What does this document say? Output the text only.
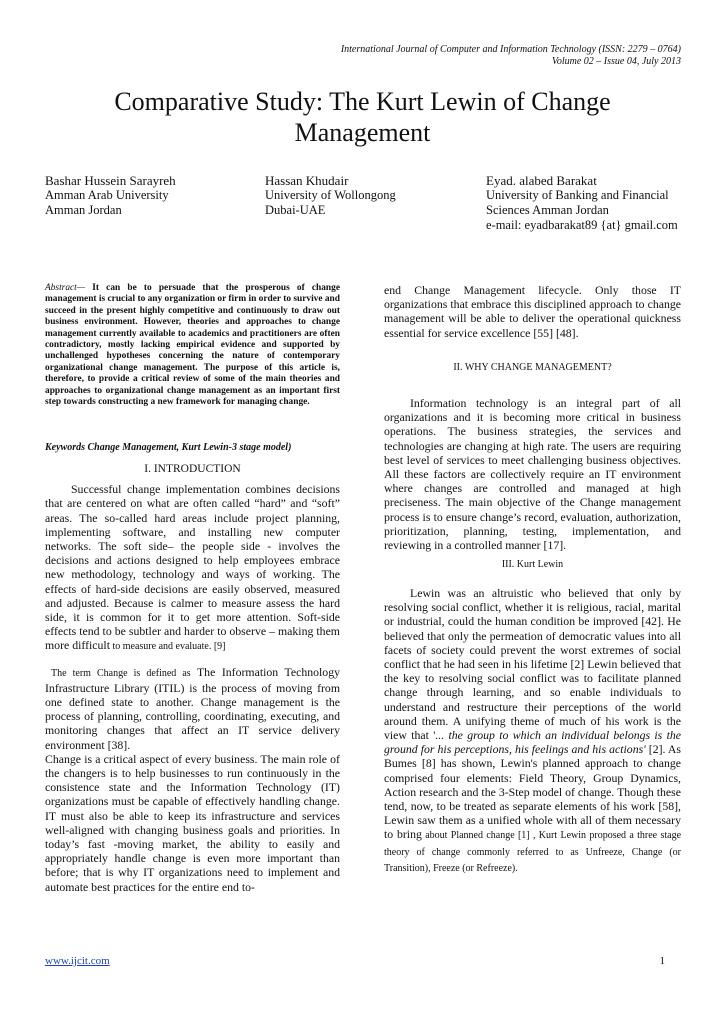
International Journal of Computer and Information Technology (ISSN: 2279 – 0764)
Volume 02 – Issue 04, July 2013
Comparative Study: The Kurt Lewin of Change Management
Bashar Hussein Sarayreh
Amman Arab University
Amman Jordan
Hassan Khudair
University of Wollongong
Dubai-UAE
Eyad. alabed Barakat
University of Banking and Financial
Sciences Amman Jordan
e-mail: eyadbarakat89 {at} gmail.com
Abstract— It can be to persuade that the prosperous of change management is crucial to any organization or firm in order to survive and succeed in the present highly competitive and continuously to draw out business environment. However, theories and approaches to change management currently available to academics and practitioners are often contradictory, mostly lacking empirical evidence and supported by unchallenged hypotheses concerning the nature of contemporary organizational change management. The purpose of this article is, therefore, to provide a critical review of some of the main theories and approaches to organizational change management as an important first step towards constructing a new framework for managing change.
Keywords Change Management, Kurt Lewin-3 stage model)
I. INTRODUCTION

Successful change implementation combines decisions that are centered on what are often called “hard” and “soft” areas. The so-called hard areas include project planning, implementing software, and installing new computer networks. The soft side– the people side - involves the decisions and actions designed to help employees embrace new methodology, technology and ways of working. The effects of hard-side decisions are easily observed, measured and adjusted. Because is calmer to measure assess the hard side, it is common for it to get more attention. Soft-side effects tend to be subtler and harder to observe – making them more difficult to measure and evaluate. [9]

The term Change is defined as The Information Technology Infrastructure Library (ITIL) is the process of moving from one defined state to another. Change management is the process of planning, controlling, coordinating, executing, and monitoring changes that affect an IT service delivery environment [38].

Change is a critical aspect of every business. The main role of the changers is to help businesses to run continuously in the consistence state and the Information Technology (IT) organizations must be capable of effectively handling change. IT must also be able to keep its infrastructure and services well-aligned with changing business goals and priorities. In today’s fast -moving market, the ability to easily and appropriately handle change is even more important than before; that is why IT organizations need to implement and automate best practices for the entire end to-

end Change Management lifecycle. Only those IT organizations that embrace this disciplined approach to change management will be able to deliver the operational quickness essential for service excellence [55] [48].
II. WHY CHANGE MANAGEMENT?

Information technology is an integral part of all organizations and it is becoming more critical in business operations. The business strategies, the services and technologies are changing at high rate. The users are requiring best level of services to meet challenging business objectives. All these factors are collectively require an IT environment where changes are controlled and managed at high preciseness. The main objective of the Change management process is to ensure change’s record, evaluation, authorization, prioritization, planning, testing, implementation, and reviewing in a controlled manner [17].

III. Kurt Lewin

Lewin was an altruistic who believed that only by resolving social conflict, whether it is religious, racial, marital or industrial, could the human condition be improved [42]. He believed that only the permeation of democratic values into all facets of society could prevent the worst extremes of social conflict that he had seen in his lifetime [2] Lewin believed that the key to resolving social conflict was to facilitate planned change through learning, and so enable individuals to understand and restructure their perceptions of the world around them. A unifying theme of much of his work is the view that '... the group to which an individual belongs is the ground for his perceptions, his feelings and his actions' [2]. As Bumes [8] has shown, Lewin's planned approach to change comprised four elements: Field Theory, Group Dynamics, Action research and the 3-Step model of change. Though these tend, now, to be treated as separate elements of his work [58], Lewin saw them as a unified whole with all of them necessary to bring about Planned change [1] , Kurt Lewin proposed a three stage theory of change commonly referred to as Unfreeze, Change (or Transition), Freeze (or Refreeze).

www.ijcit.com	1
